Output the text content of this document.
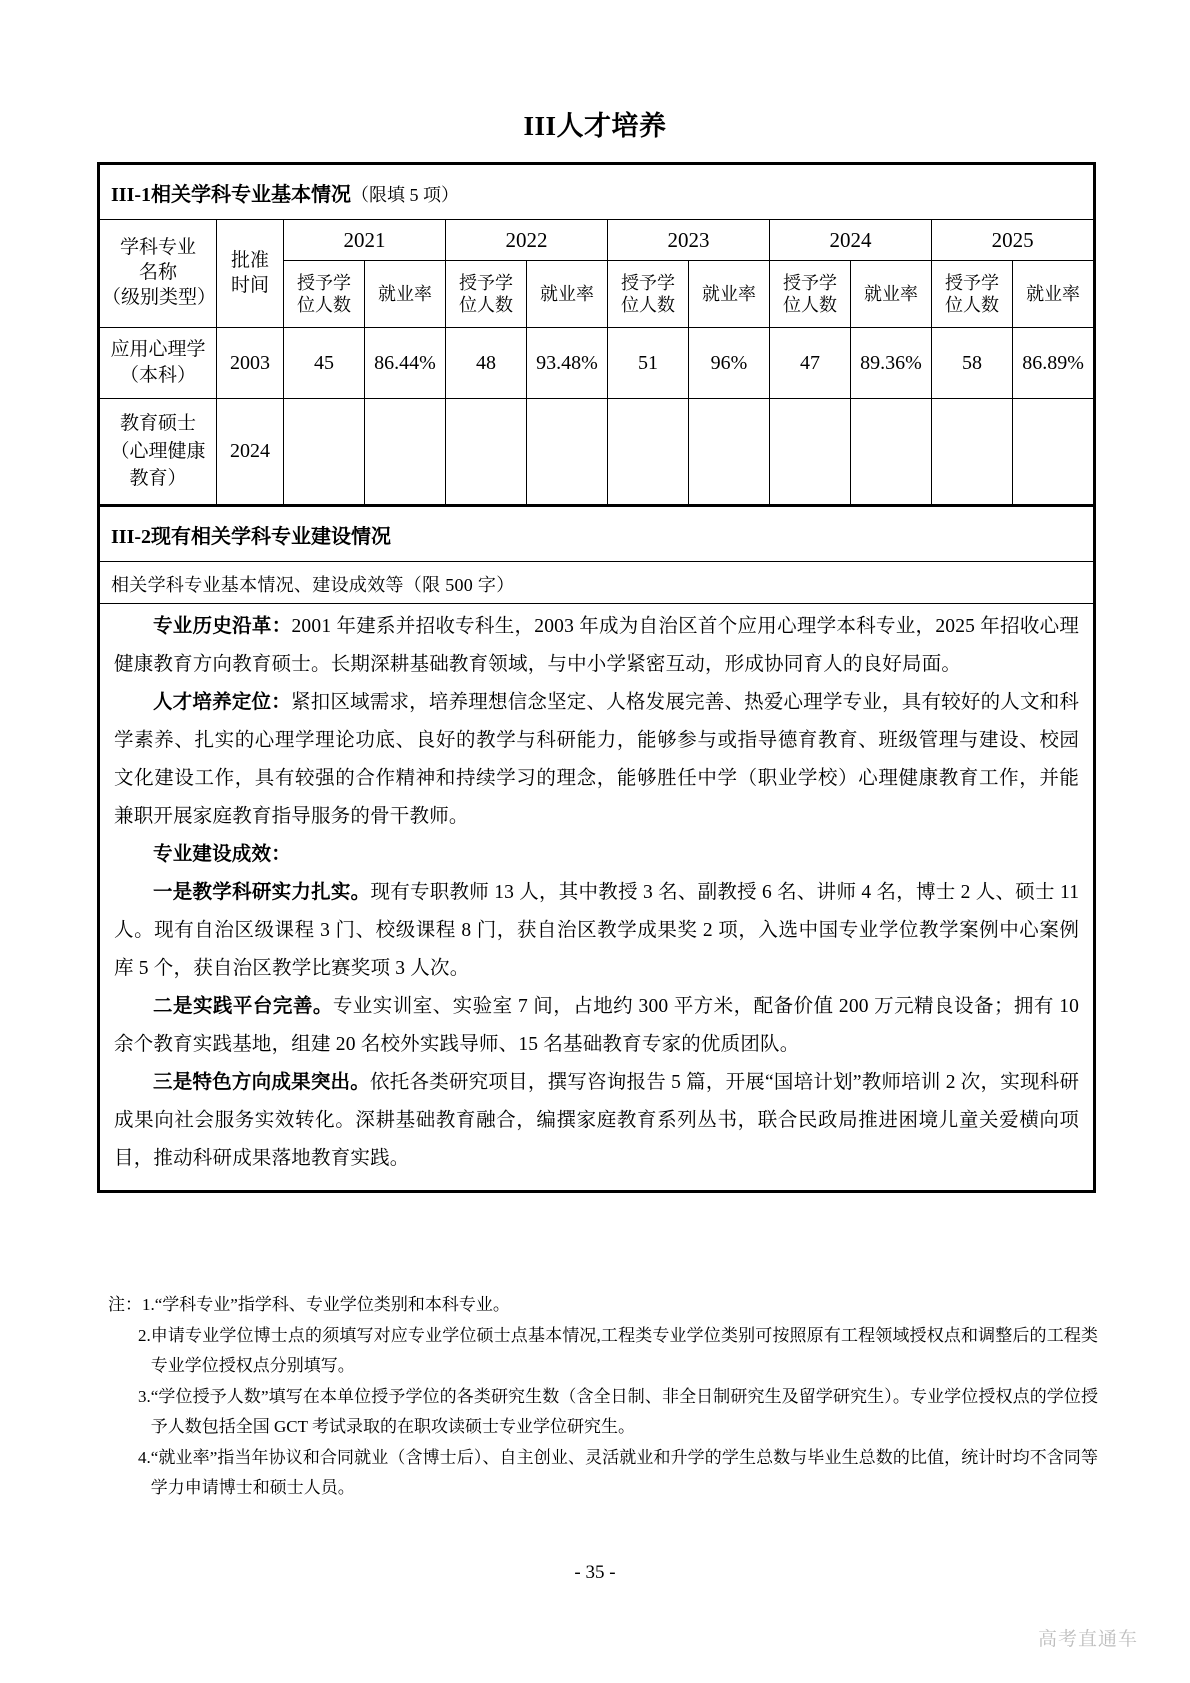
III人才培养
III-1相关学科专业基本情况（限填 5 项）											

学科专业
名称
（级别类型）

批准
时间
	2021	2022	2023	2024	2025

授予学
位人数
	就业率	
授予学
位人数
	就业率	
授予学
位人数
	就业率	
授予学
位人数
	就业率	
授予学
位人数
	就业率

应用心理学
（本科）	2003	45	86.44%	48	93.48%	51	96%	47	89.36%	58	86.89%

教育硕士
（心理健康
教育）	2024										
III-2现有相关学科专业建设情况											
相关学科专业基本情况、建设成效等（限 500 字）											

专业历史沿革：2001 年建系并招收专科生，2003 年成为自治区首个应用心理学本科专业，2025 年招收心理健康教育方向教育硕士。长期深耕基础教育领域，与中小学紧密互动，形成协同育人的良好局面。

人才培养定位：紧扣区域需求，培养理想信念坚定、人格发展完善、热爱心理学专业，具有较好的人文和科学素养、扎实的心理学理论功底、良好的教学与科研能力，能够参与或指导德育教育、班级管理与建设、校园文化建设工作，具有较强的合作精神和持续学习的理念，能够胜任中学（职业学校）心理健康教育工作，并能兼职开展家庭教育指导服务的骨干教师。

专业建设成效：

一是教学科研实力扎实。现有专职教师 13 人，其中教授 3 名、副教授 6 名、讲师 4 名，博士 2 人、硕士 11 人。现有自治区级课程 3 门、校级课程 8 门，获自治区教学成果奖 2 项，入选中国专业学位教学案例中心案例库 5 个，获自治区教学比赛奖项 3 人次。

二是实践平台完善。专业实训室、实验室 7 间，占地约 300 平方米，配备价值 200 万元精良设备；拥有 10 余个教育实践基地，组建 20 名校外实践导师、15 名基础教育专家的优质团队。

三是特色方向成果突出。依托各类研究项目，撰写咨询报告 5 篇，开展“国培计划”教师培训 2 次，实现科研成果向社会服务实效转化。深耕基础教育融合，编撰家庭教育系列丛书，联合民政局推进困境儿童关爱横向项目，推动科研成果落地教育实践。

注： 1. “学科专业”指学科、专业学位类别和本科专业。
2. 申请专业学位博士点的须填写对应专业学位硕士点基本情况,工程类专业学位类别可按照原有工程领域授权点和调整后的工程类专业学位授权点分别填写。
3. “学位授予人数”填写在本单位授予学位的各类研究生数（含全日制、非全日制研究生及留学研究生）。专业学位授权点的学位授予人数包括全国 GCT 考试录取的在职攻读硕士专业学位研究生。
4. “就业率”指当年协议和合同就业（含博士后）、自主创业、灵活就业和升学的学生总数与毕业生总数的比值，统计时均不含同等学力申请博士和硕士人员。
- 35 -
高考直通车
